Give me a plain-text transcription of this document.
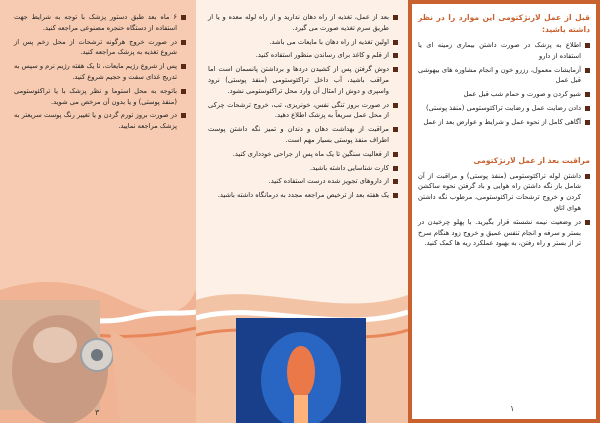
۶ ماه بعد طبق دستور پزشک با توجه به شرایط جهت استفاده از دستگاه حنجره مصنوعی مراجعه کنید.
در صورت خروج هرگونه ترشحات از محل زخم پس از شروع تغذیه به پزشک مراجعه کنید.
پس از شروع رژیم مایعات، تا یک هفته رژیم نرم و سپس به تدریج غذای سفت و حجیم شروع کنید.
باتوجه به محل استوما و نظر پزشک با یا تراکئوستومی (منفذ پوستی) و یا بدون آن مرخص می شوید.
در صورت بروز تورم گردن و یا تغییر رنگ پوست سریعتر به پزشک مراجعه نمایید.
۳
بعد از عمل، تغذیه از راه دهان ندارید و از راه لوله معده و یا از طریق سرم تغذیه صورت می گیرد.
اولین تغذیه از راه دهان با مایعات می باشد.
از قلم و کاغذ برای رساندن منظور استفاده کنید.
دوش گرفتن پس از کشیدن دردها و برداشتن پانسمان است اما مراقب باشید، آب داخل تراکئوستومی (منفذ پوستی) نرود واسپری و دوش از امثال آن وارد محل تراکئوستومی نشود.
در صورت بروز تنگی نفس، خونریزی، تب، خروج ترشحات چرکی از محل عمل سریعاً به پزشک اطلاع دهید.
مراقبت از بهداشت دهان و دندان و تمیز نگه داشتن پوست اطراف منفذ پوستی بسیار مهم است.
از فعالیت سنگین تا یک ماه پس از جراحی خودداری کنید.
کارت شناسایی داشته باشید.
از داروهای تجویز شده درست استفاده کنید.
یک هفته بعد از ترخیص مراجعه مجدد به درمانگاه داشته باشید.
قبل از عمل لارنژکتومی این موارد را در نظر داشته باشید:
اطلاع به پزشک در صورت داشتن بیماری زمینه ای یا استفاده از دارو
آزمایشات معمول، رزرو خون و انجام مشاوره های بیهوشی قبل عمل
شیو کردن و صورت و حمام شب قبل عمل
دادن رضایت عمل و رضایت تراکئوستومی (منفذ پوستی)
آگاهی کامل از نحوه عمل و شرایط و عوارض بعد از عمل
مراقبت بعد از عمل لارنژکتومی
داشتن لوله تراکئوستومی (منفذ پوستی) و مراقبت از آن شامل باز نگه داشتن راه هوایی و باد گرفتن نحوه ساکشن کردن و خروج ترشحات تراکئوستومی، مرطوب نگه داشتن هوای اتاق
در وضعیت نیمه نشسته قرار بگیرید. با پهلو چرخیدن در بستر و سرفه و انجام تنفس عمیق و خروج زود هنگام سرخ تر از بستر و راه رفتن، به بهبود عملکرد ریه ها کمک کنید.
۱
